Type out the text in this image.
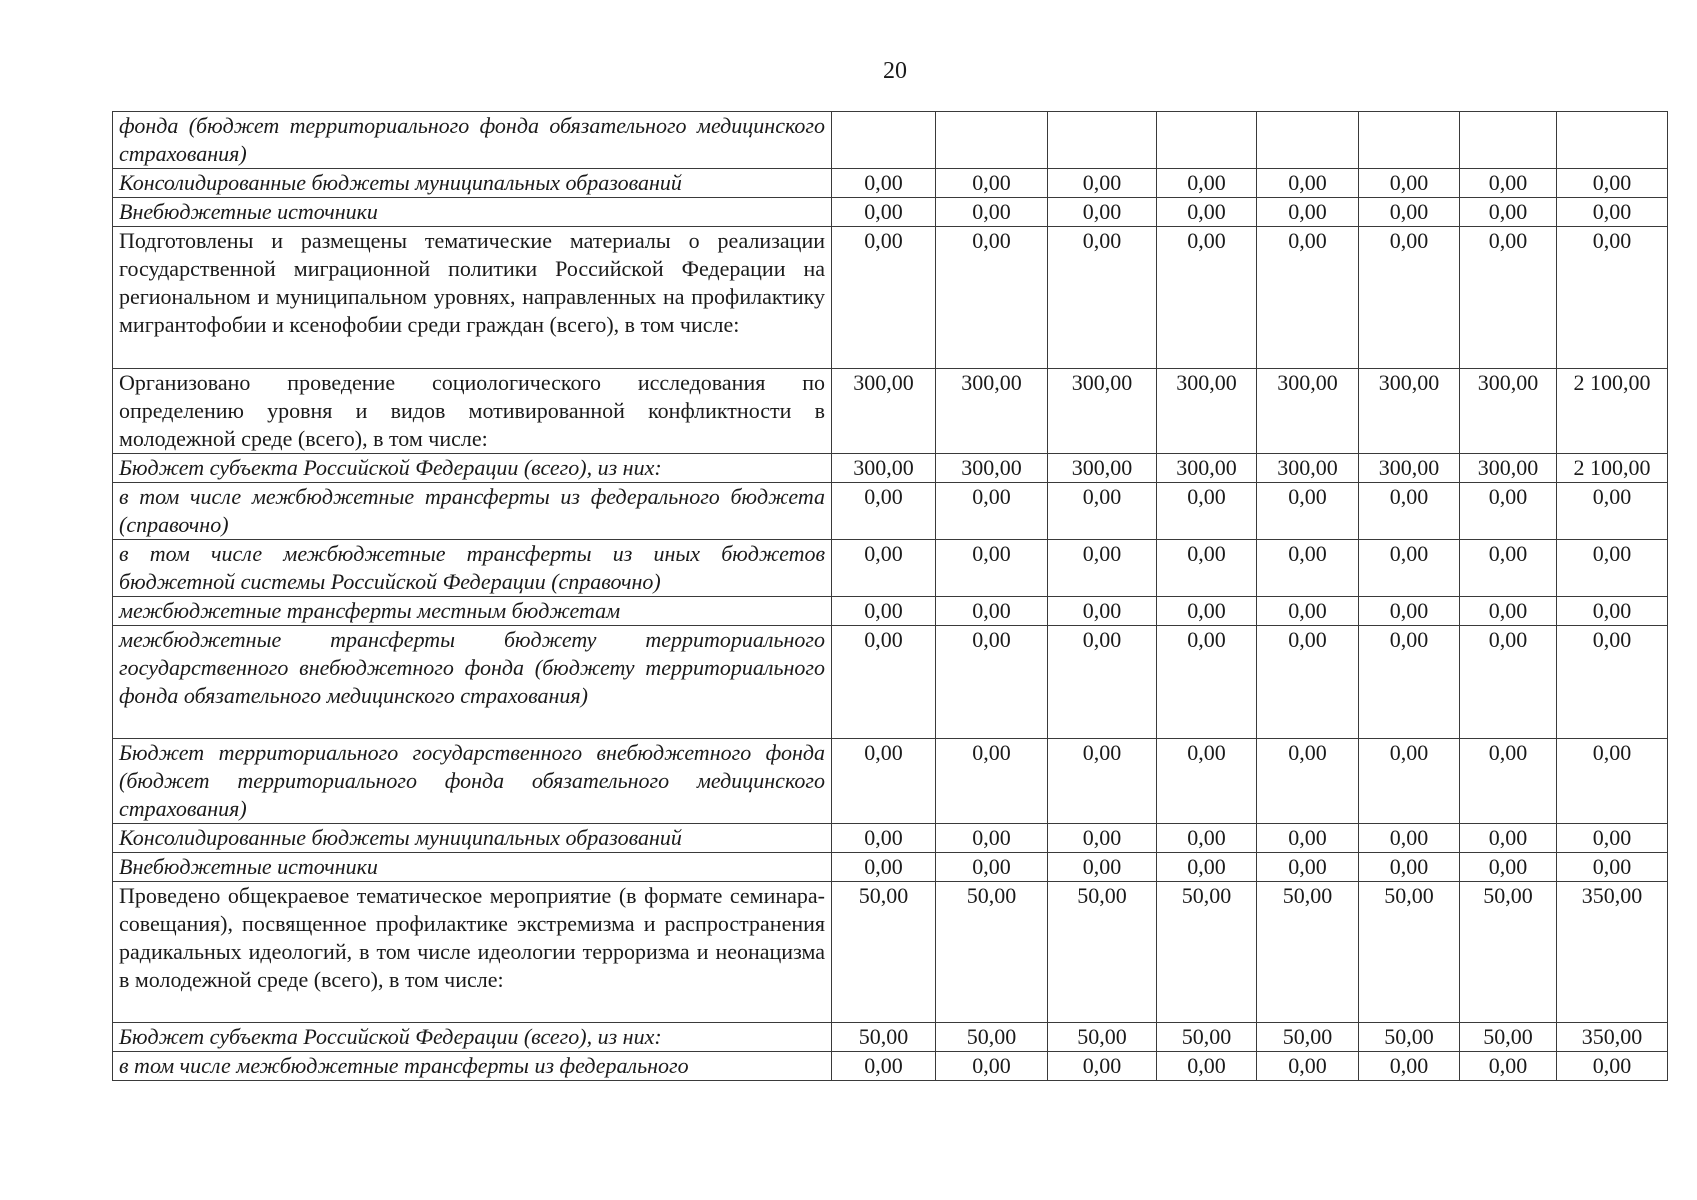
20
фонда (бюджет территориального фонда обязательного медицинского страхования)								
Консолидированные бюджеты муниципальных образований	0,00	0,00	0,00	0,00	0,00	0,00	0,00	0,00
Внебюджетные источники	0,00	0,00	0,00	0,00	0,00	0,00	0,00	0,00
Подготовлены и размещены тематические материалы о реализации государственной миграционной политики Российской Федерации на региональном и муниципальном уровнях, направленных на профилактику мигрантофобии и ксенофобии среди граждан (всего), в том числе:	0,00	0,00	0,00	0,00	0,00	0,00	0,00	0,00
Организовано проведение социологического исследования по определению уровня и видов мотивированной конфликтности в молодежной среде (всего), в том числе:	300,00	300,00	300,00	300,00	300,00	300,00	300,00	2 100,00
Бюджет субъекта Российской Федерации (всего), из них:	300,00	300,00	300,00	300,00	300,00	300,00	300,00	2 100,00
в том числе межбюджетные трансферты из федерального бюджета (справочно)	0,00	0,00	0,00	0,00	0,00	0,00	0,00	0,00
в том числе межбюджетные трансферты из иных бюджетов бюджетной системы Российской Федерации (справочно)	0,00	0,00	0,00	0,00	0,00	0,00	0,00	0,00
межбюджетные трансферты местным бюджетам	0,00	0,00	0,00	0,00	0,00	0,00	0,00	0,00
межбюджетные трансферты бюджету территориального государственного внебюджетного фонда (бюджету территориального фонда обязательного медицинского страхования)	0,00	0,00	0,00	0,00	0,00	0,00	0,00	0,00
Бюджет территориального государственного внебюджетного фонда (бюджет территориального фонда обязательного медицинского страхования)	0,00	0,00	0,00	0,00	0,00	0,00	0,00	0,00
Консолидированные бюджеты муниципальных образований	0,00	0,00	0,00	0,00	0,00	0,00	0,00	0,00
Внебюджетные источники	0,00	0,00	0,00	0,00	0,00	0,00	0,00	0,00
Проведено общекраевое тематическое мероприятие (в формате семинара-совещания), посвященное профилактике экстремизма и распространения радикальных идеологий, в том числе идеологии терроризма и неонацизма в молодежной среде (всего), в том числе:	50,00	50,00	50,00	50,00	50,00	50,00	50,00	350,00
Бюджет субъекта Российской Федерации (всего), из них:	50,00	50,00	50,00	50,00	50,00	50,00	50,00	350,00
в том числе межбюджетные трансферты из федерального	0,00	0,00	0,00	0,00	0,00	0,00	0,00	0,00
